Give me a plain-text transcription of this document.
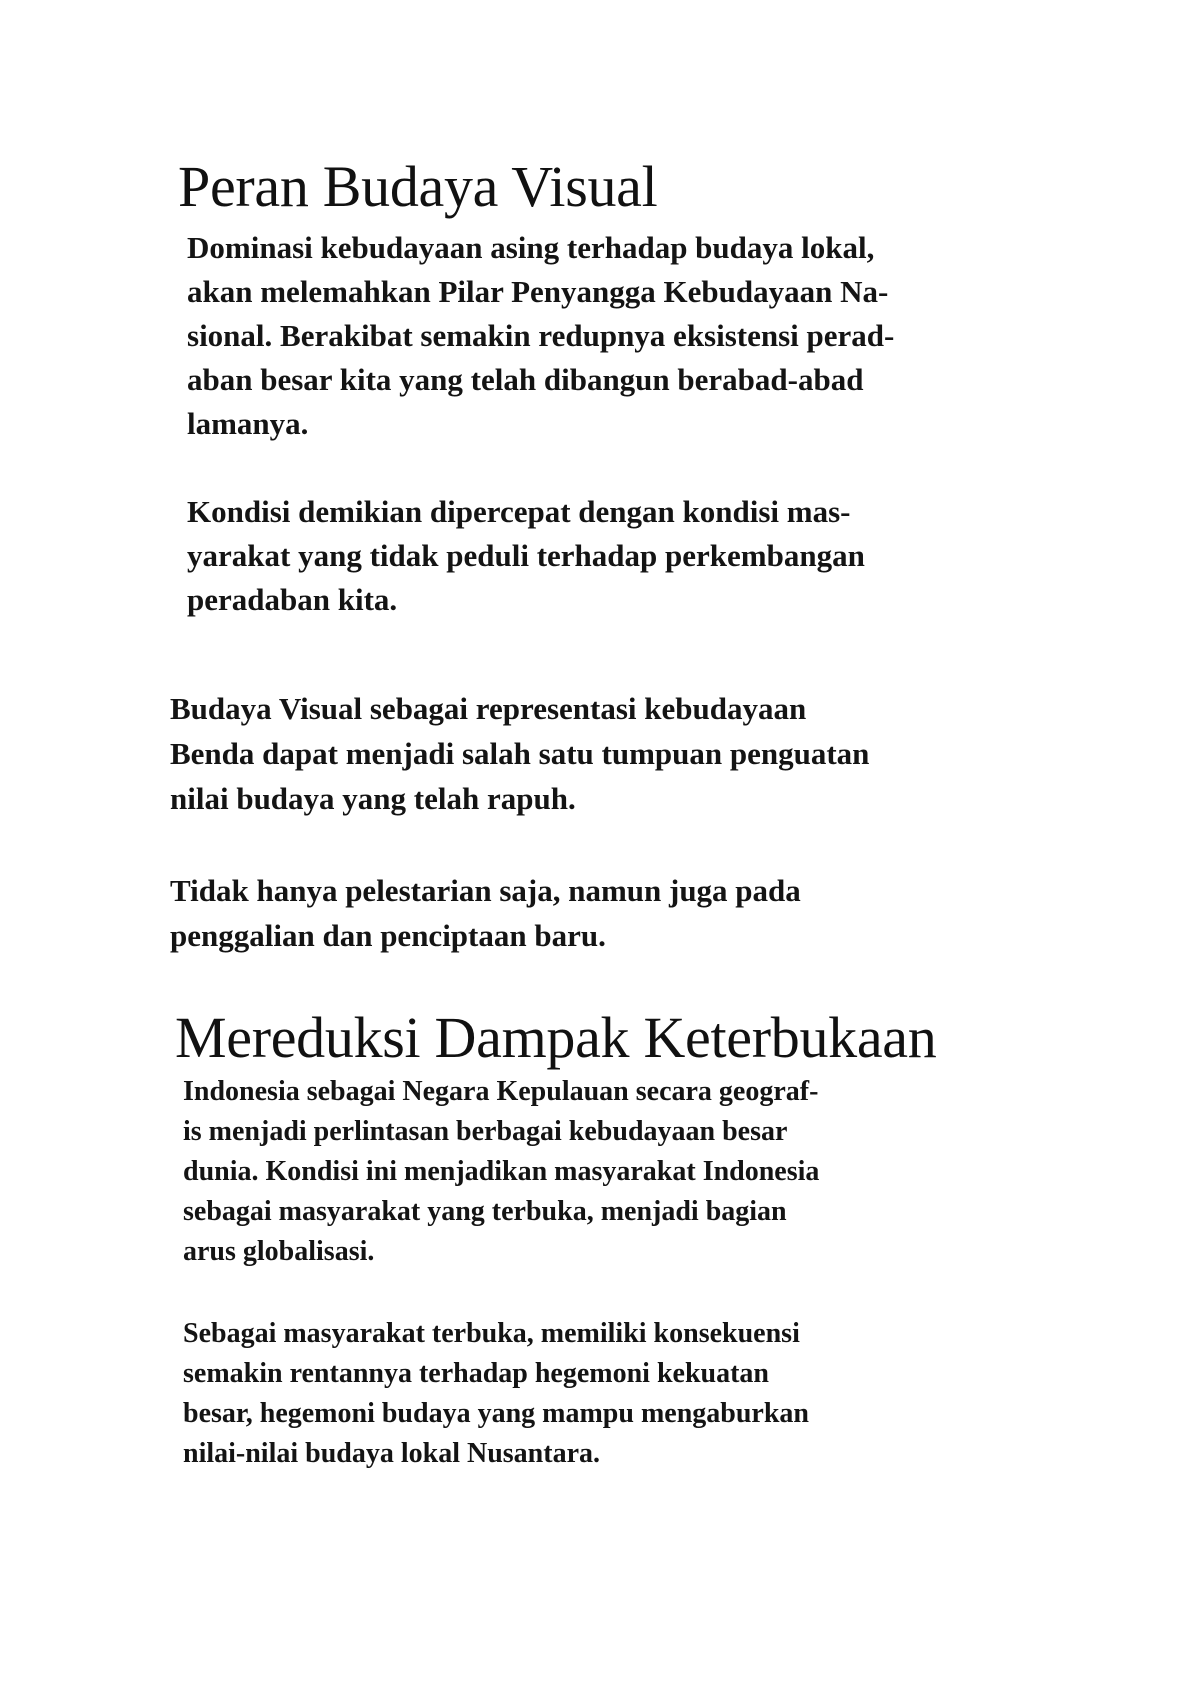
Peran Budaya Visual

Dominasi kebudayaan asing terhadap budaya lokal,
akan melemahkan Pilar Penyangga Kebudayaan Na-
sional. Berakibat semakin redupnya eksistensi perad-
aban besar kita yang telah dibangun berabad-abad
lamanya.

Kondisi demikian dipercepat dengan kondisi mas-
yarakat yang tidak peduli terhadap perkembangan
peradaban kita.

Budaya Visual sebagai representasi kebudayaan
Benda dapat menjadi salah satu tumpuan penguatan
nilai budaya yang telah rapuh.

Tidak hanya pelestarian saja, namun juga pada
penggalian dan penciptaan baru.

Mereduksi Dampak Keterbukaan

Indonesia sebagai Negara Kepulauan secara geograf-
is menjadi perlintasan berbagai kebudayaan besar
dunia. Kondisi ini menjadikan masyarakat Indonesia
sebagai masyarakat yang terbuka, menjadi bagian
arus globalisasi.

Sebagai masyarakat terbuka, memiliki konsekuensi
semakin rentannya terhadap hegemoni kekuatan
besar, hegemoni budaya yang mampu mengaburkan
nilai-nilai budaya lokal Nusantara.
